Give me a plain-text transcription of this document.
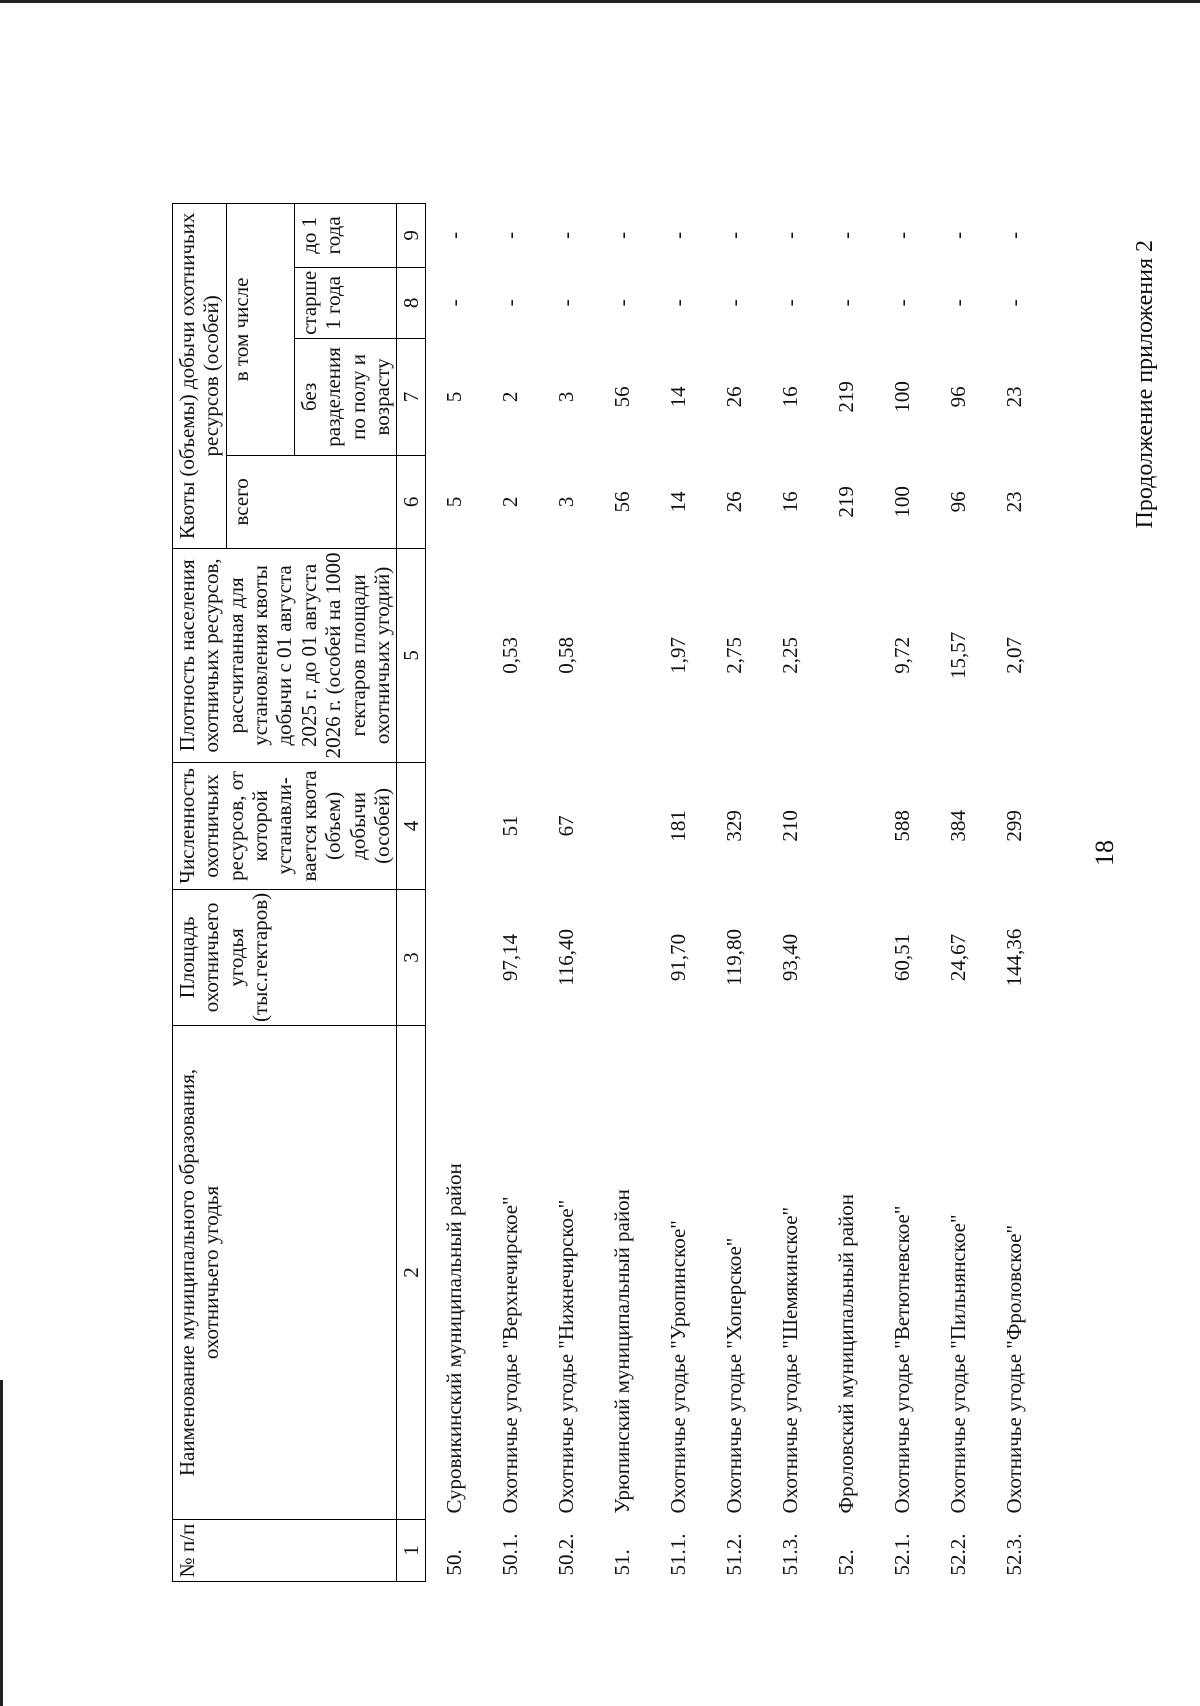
18
Продолжение приложения 2
№ п/п	Наименование муниципального образования, охотничьего угодья	Площадь охотничьего угодья (тыс.гектаров)	Численность охотничьих ресурсов, от которой устанавли-вается квота (объем) добычи (особей)	Плотность населения охотничьих ресурсов, рассчитанная для установления квоты добычи с 01 августа 2025 г. до 01 августа 2026 г. (особей на 1000 гектаров площади охотничьих угодий)	Квоты (объемы) добычи охотничьих ресурсов (особей)			
					всего	в том числе		
						без разделения по полу и возрасту	старше 1 года	до 1 года
1	2	3	4	5	6	7	8	9
50.	Суровикинский муниципальный район				5	5	-	-
50.1.	Охотничье угодье "Верхнечирское"	97,14	51	0,53	2	2	-	-
50.2.	Охотничье угодье "Нижнечирское"	116,40	67	0,58	3	3	-	-
51.	Урюпинский муниципальный район				56	56	-	-
51.1.	Охотничье угодье "Урюпинское"	91,70	181	1,97	14	14	-	-
51.2.	Охотничье угодье "Хоперское"	119,80	329	2,75	26	26	-	-
51.3.	Охотничье угодье "Шемякинское"	93,40	210	2,25	16	16	-	-
52.	Фроловский муниципальный район				219	219	-	-
52.1.	Охотничье угодье "Ветютневское"	60,51	588	9,72	100	100	-	-
52.2.	Охотничье угодье "Пильнянское"	24,67	384	15,57	96	96	-	-
52.3.	Охотничье угодье "Фроловское"	144,36	299	2,07	23	23	-	-
